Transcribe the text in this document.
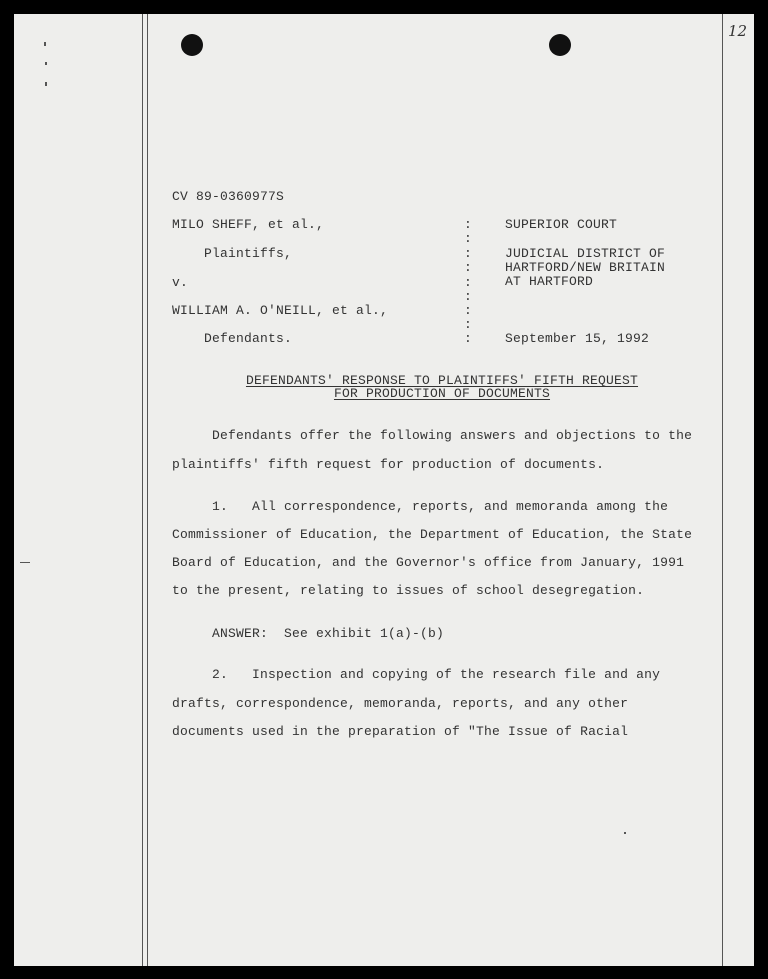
12
CV 89-0360977S
MILO SHEFF, et al.,
Plaintiffs,
v.
WILLIAM A. O'NEILL, et al.,
Defendants.
:
:
:
:
:
:
:
:
:
SUPERIOR COURT
JUDICIAL DISTRICT OF
HARTFORD/NEW BRITAIN
AT HARTFORD
September 15, 1992
DEFENDANTS' RESPONSE TO PLAINTIFFS' FIFTH REQUEST
FOR PRODUCTION OF DOCUMENTS
Defendants offer the following answers and objections to the
plaintiffs' fifth request for production of documents.
1.   All correspondence, reports, and memoranda among the
Commissioner of Education, the Department of Education, the State
Board of Education, and the Governor's office from January, 1991
to the present, relating to issues of school desegregation.
ANSWER:  See exhibit 1(a)-(b)
2.   Inspection and copying of the research file and any
drafts, correspondence, memoranda, reports, and any other
documents used in the preparation of "The Issue of Racial
